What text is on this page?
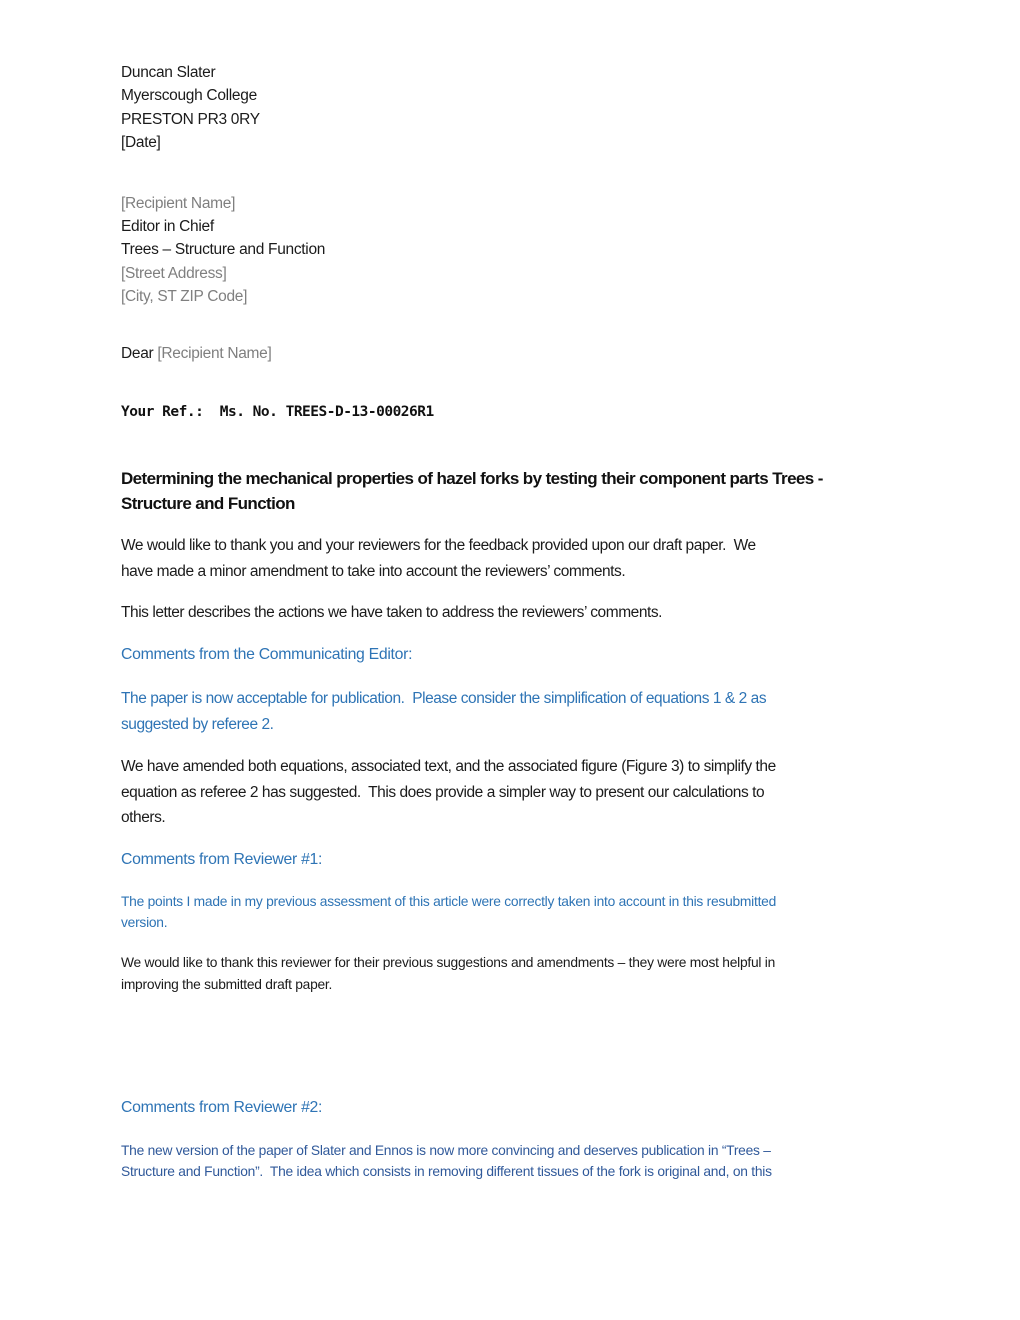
Duncan Slater
Myerscough College
PRESTON PR3 0RY
[Date]
[Recipient Name]
Editor in Chief
Trees – Structure and Function
[Street Address]
[City, ST ZIP Code]
Dear [Recipient Name]
Your Ref.:  Ms. No. TREES-D-13-00026R1
Determining the mechanical properties of hazel forks by testing their component parts Trees -
Structure and Function
We would like to thank you and your reviewers for the feedback provided upon our draft paper.  We
have made a minor amendment to take into account the reviewers’ comments.
This letter describes the actions we have taken to address the reviewers’ comments.
Comments from the Communicating Editor:
The paper is now acceptable for publication.  Please consider the simplification of equations 1 & 2 as
suggested by referee 2.
We have amended both equations, associated text, and the associated figure (Figure 3) to simplify the
equation as referee 2 has suggested.  This does provide a simpler way to present our calculations to
others.
Comments from Reviewer #1:
The points I made in my previous assessment of this article were correctly taken into account in this resubmitted
version.
We would like to thank this reviewer for their previous suggestions and amendments – they were most helpful in
improving the submitted draft paper.
Comments from Reviewer #2:
The new version of the paper of Slater and Ennos is now more convincing and deserves publication in “Trees –
Structure and Function”.  The idea which consists in removing different tissues of the fork is original and, on this
